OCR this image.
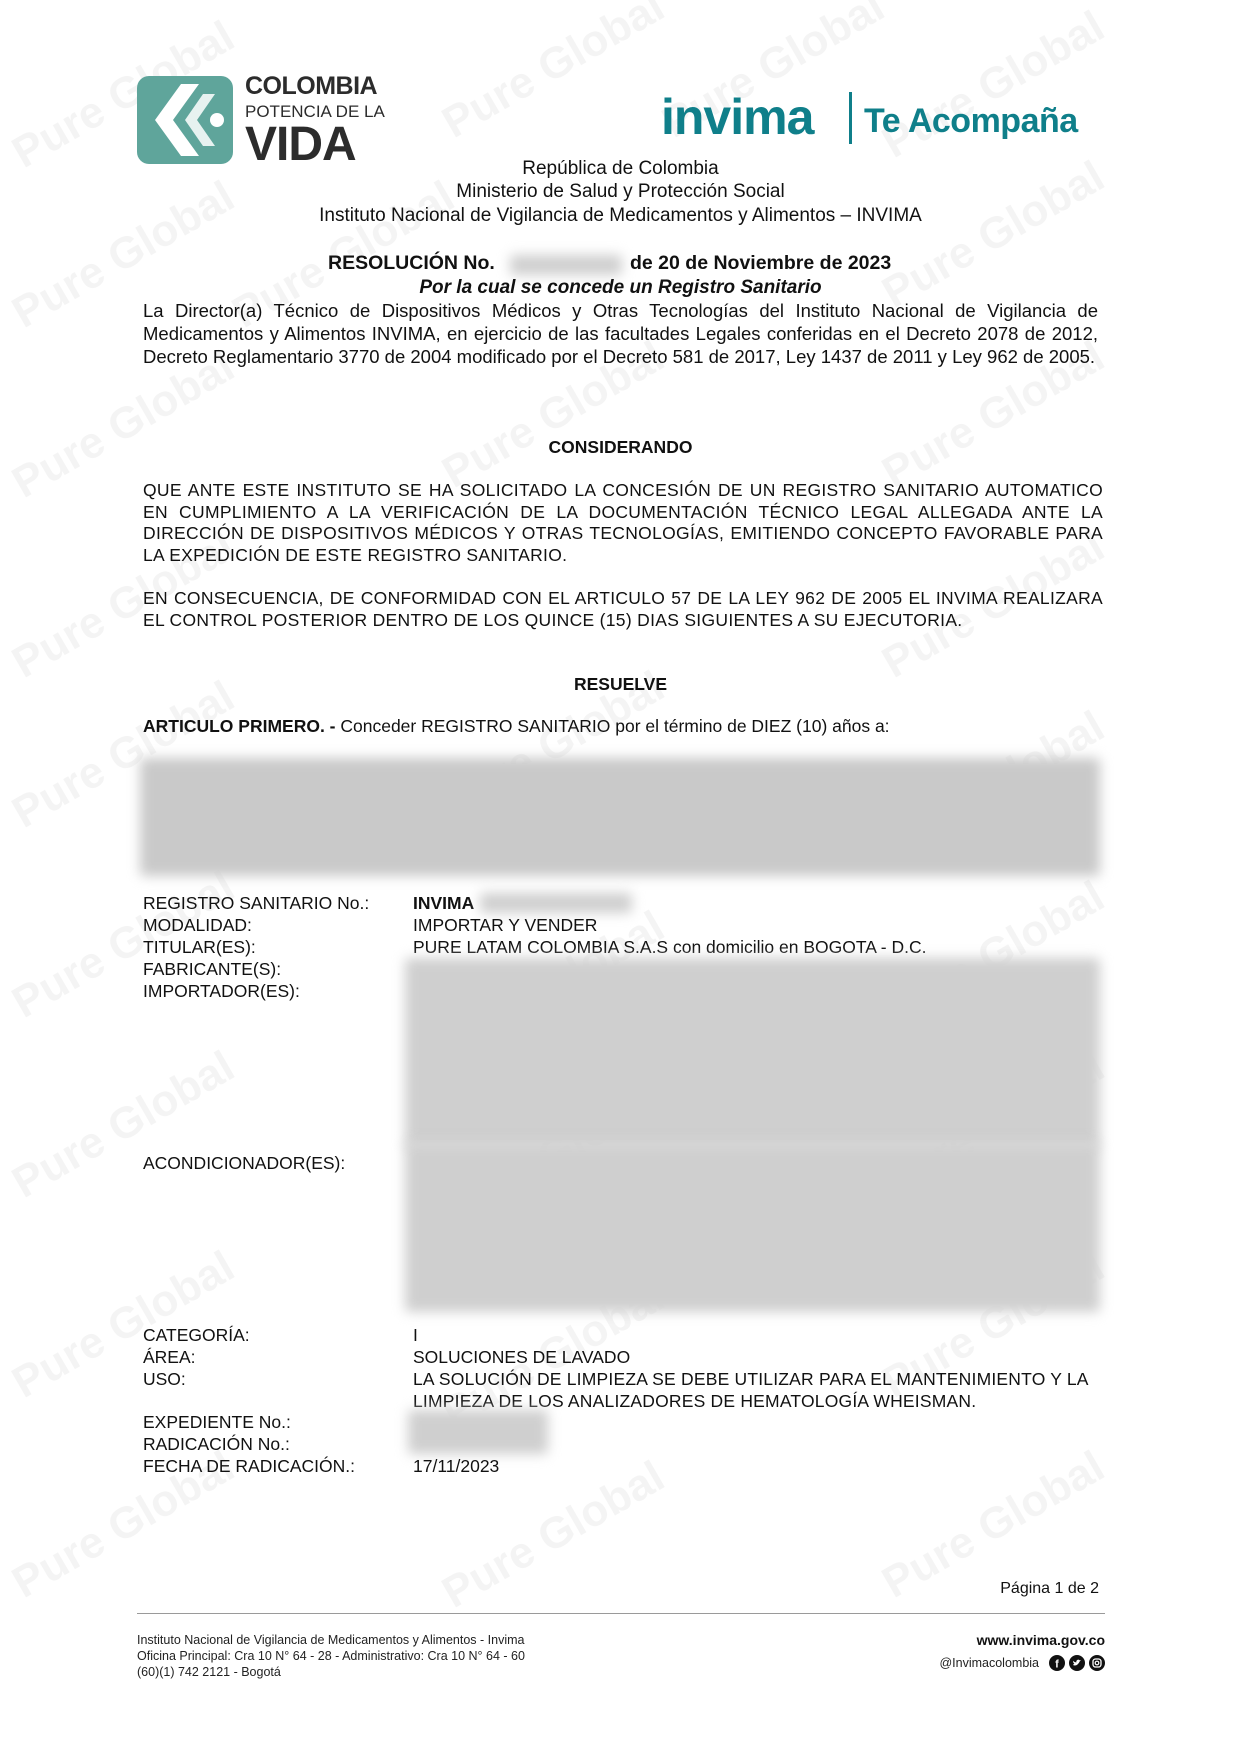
COLOMBIA
POTENCIA DE LA
VIDA	invima Te Acompaña
República de Colombia
Ministerio de Salud y Protección Social
Instituto Nacional de Vigilancia de Medicamentos y Alimentos – INVIMA
RESOLUCIÓN No.	de 20 de Noviembre de 2023
Por la cual se concede un Registro Sanitario
La Director(a) Técnico de Dispositivos Médicos y Otras Tecnologías del Instituto Nacional de Vigilancia de Medicamentos y Alimentos INVIMA, en ejercicio de las facultades Legales conferidas en el Decreto 2078 de 2012, Decreto Reglamentario 3770 de 2004 modificado por el Decreto 581 de 2017, Ley 1437 de 2011 y Ley 962 de 2005.
CONSIDERANDO
QUE ANTE ESTE INSTITUTO SE HA SOLICITADO LA CONCESIÓN DE UN REGISTRO SANITARIO AUTOMATICO EN CUMPLIMIENTO A LA VERIFICACIÓN DE LA DOCUMENTACIÓN TÉCNICO LEGAL ALLEGADA ANTE LA DIRECCIÓN DE DISPOSITIVOS MÉDICOS Y OTRAS TECNOLOGÍAS, EMITIENDO CONCEPTO FAVORABLE PARA LA EXPEDICIÓN DE ESTE REGISTRO SANITARIO.
EN CONSECUENCIA, DE CONFORMIDAD CON EL ARTICULO 57 DE LA LEY 962 DE 2005 EL INVIMA REALIZARA EL CONTROL POSTERIOR DENTRO DE LOS QUINCE (15) DIAS SIGUIENTES A SU EJECUTORIA.
RESUELVE
ARTICULO PRIMERO. - Conceder REGISTRO SANITARIO por el término de DIEZ (10) años a:
REGISTRO SANITARIO No.:	INVIMA
MODALIDAD:	IMPORTAR Y VENDER
TITULAR(ES):	PURE LATAM COLOMBIA S.A.S con domicilio en BOGOTA - D.C.
FABRICANTE(S):
IMPORTADOR(ES):
ACONDICIONADOR(ES):
CATEGORÍA:	I
ÁREA:	SOLUCIONES DE LAVADO
USO:	LA SOLUCIÓN DE LIMPIEZA SE DEBE UTILIZAR PARA EL MANTENIMIENTO Y LA LIMPIEZA DE LOS ANALIZADORES DE HEMATOLOGÍA WHEISMAN.
EXPEDIENTE No.:
RADICACIÓN No.:
FECHA DE RADICACIÓN.:	17/11/2023
Página 1 de 2
Instituto Nacional de Vigilancia de Medicamentos y Alimentos - Invima
Oficina Principal: Cra 10 N° 64 - 28 - Administrativo: Cra 10 N° 64 - 60
(60)(1) 742 2121 - Bogotá
www.invima.gov.co
@Invimacolombia f
